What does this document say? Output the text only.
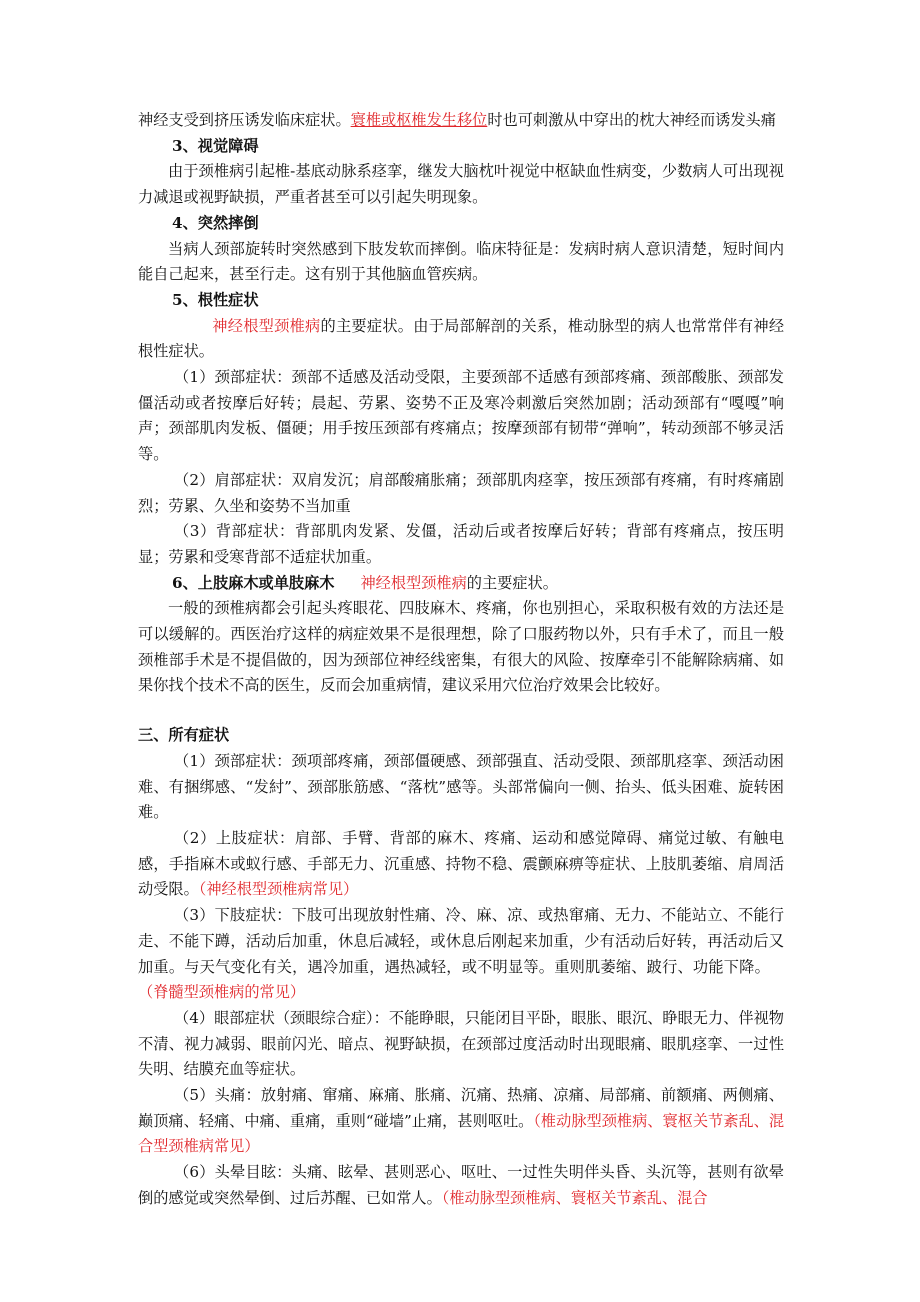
神经支受到挤压诱发临床症状。寰椎或枢椎发生移位时也可刺激从中穿出的枕大神经而诱发头痛

3、视觉障碍

由于颈椎病引起椎-基底动脉系痉挛，继发大脑枕叶视觉中枢缺血性病变，少数病人可出现视力减退或视野缺损，严重者甚至可以引起失明现象。

4、突然摔倒

当病人颈部旋转时突然感到下肢发软而摔倒。临床特征是：发病时病人意识清楚，短时间内能自己起来，甚至行走。这有别于其他脑血管疾病。

5、根性症状

神经根型颈椎病的主要症状。由于局部解剖的关系，椎动脉型的病人也常常伴有神经根性症状。

（1）颈部症状：颈部不适感及活动受限，主要颈部不适感有颈部疼痛、颈部酸胀、颈部发僵活动或者按摩后好转；晨起、劳累、姿势不正及寒冷刺激后突然加剧；活动颈部有“嘎嘎”响声；颈部肌肉发板、僵硬；用手按压颈部有疼痛点；按摩颈部有韧带“弹响”，转动颈部不够灵活等。

（2）肩部症状：双肩发沉；肩部酸痛胀痛；颈部肌肉痉挛，按压颈部有疼痛，有时疼痛剧烈；劳累、久坐和姿势不当加重

（3）背部症状：背部肌肉发紧、发僵，活动后或者按摩后好转；背部有疼痛点，按压明显；劳累和受寒背部不适症状加重。

6、上肢麻木或单肢麻木 神经根型颈椎病的主要症状。

一般的颈椎病都会引起头疼眼花、四肢麻木、疼痛，你也别担心，采取积极有效的方法还是可以缓解的。西医治疗这样的病症效果不是很理想，除了口服药物以外，只有手术了，而且一般颈椎部手术是不提倡做的，因为颈部位神经线密集，有很大的风险、按摩牵引不能解除病痛、如果你找个技术不高的医生，反而会加重病情，建议采用穴位治疗效果会比较好。

三、所有症状

（1）颈部症状：颈项部疼痛，颈部僵硬感、颈部强直、活动受限、颈部肌痉挛、颈活动困难、有捆绑感、“发紂”、颈部胀筋感、“落枕”感等。头部常偏向一侧、抬头、低头困难、旋转困难。

（2）上肢症状：肩部、手臂、背部的麻木、疼痛、运动和感觉障碍、痛觉过敏、有触电感，手指麻木或蚁行感、手部无力、沉重感、持物不稳、震颤麻痹等症状、上肢肌萎缩、肩周活动受限。（神经根型颈椎病常见）

（3）下肢症状：下肢可出现放射性痛、冷、麻、凉、或热窜痛、无力、不能站立、不能行走、不能下蹲，活动后加重，休息后减轻，或休息后刚起来加重，少有活动后好转，再活动后又加重。与天气变化有关，遇冷加重，遇热减轻，或不明显等。重则肌萎缩、跛行、功能下降。（脊髓型颈椎病的常见）

（4）眼部症状（颈眼综合症）：不能睁眼，只能闭目平卧，眼胀、眼沉、睁眼无力、伴视物不清、视力减弱、眼前闪光、暗点、视野缺损，在颈部过度活动时出现眼痛、眼肌痉挛、一过性失明、结膜充血等症状。

（5）头痛：放射痛、窜痛、麻痛、胀痛、沉痛、热痛、凉痛、局部痛、前额痛、两侧痛、巅顶痛、轻痛、中痛、重痛，重则“碰墙”止痛，甚则呕吐。（椎动脉型颈椎病、寰枢关节紊乱、混合型颈椎病常见）

（6）头晕目眩：头痛、眩晕、甚则恶心、呕吐、一过性失明伴头昏、头沉等，甚则有欲晕倒的感觉或突然晕倒、过后苏醒、已如常人。（椎动脉型颈椎病、寰枢关节紊乱、混合
